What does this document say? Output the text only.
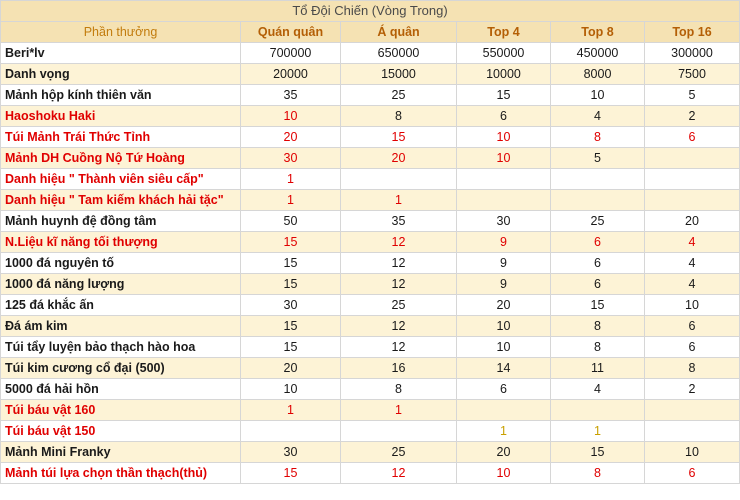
Tổ Đội Chiến (Vòng Trong)					
Phần thưởng	Quán quân	Á quân	Top 4	Top 8	Top 16
Beri*lv	700000	650000	550000	450000	300000
Danh vọng	20000	15000	10000	8000	7500
Mảnh hộp kính thiên văn	35	25	15	10	5
Haoshoku Haki	10	8	6	4	2
Túi Mảnh Trái Thức Tỉnh	20	15	10	8	6
Mảnh DH Cuồng Nộ Tứ Hoàng	30	20	10	5	
Danh hiệu " Thành viên siêu cấp"	1				
Danh hiệu " Tam kiếm khách hải tặc"	1	1			
Mảnh huynh đệ đồng tâm	50	35	30	25	20
N.Liệu kĩ năng tối thượng	15	12	9	6	4
1000 đá nguyên tố	15	12	9	6	4
1000 đá năng lượng	15	12	9	6	4
125 đá khắc ấn	30	25	20	15	10
Đá ám kim	15	12	10	8	6
Túi tẩy luyện bảo thạch hào hoa	15	12	10	8	6
Túi kim cương cổ đại (500)	20	16	14	11	8
5000 đá hải hồn	10	8	6	4	2
Túi báu vật 160	1	1			
Túi báu vật 150			1	1	
Mảnh Mini Franky	30	25	20	15	10
Mảnh túi lựa chọn thần thạch(thủ)	15	12	10	8	6
